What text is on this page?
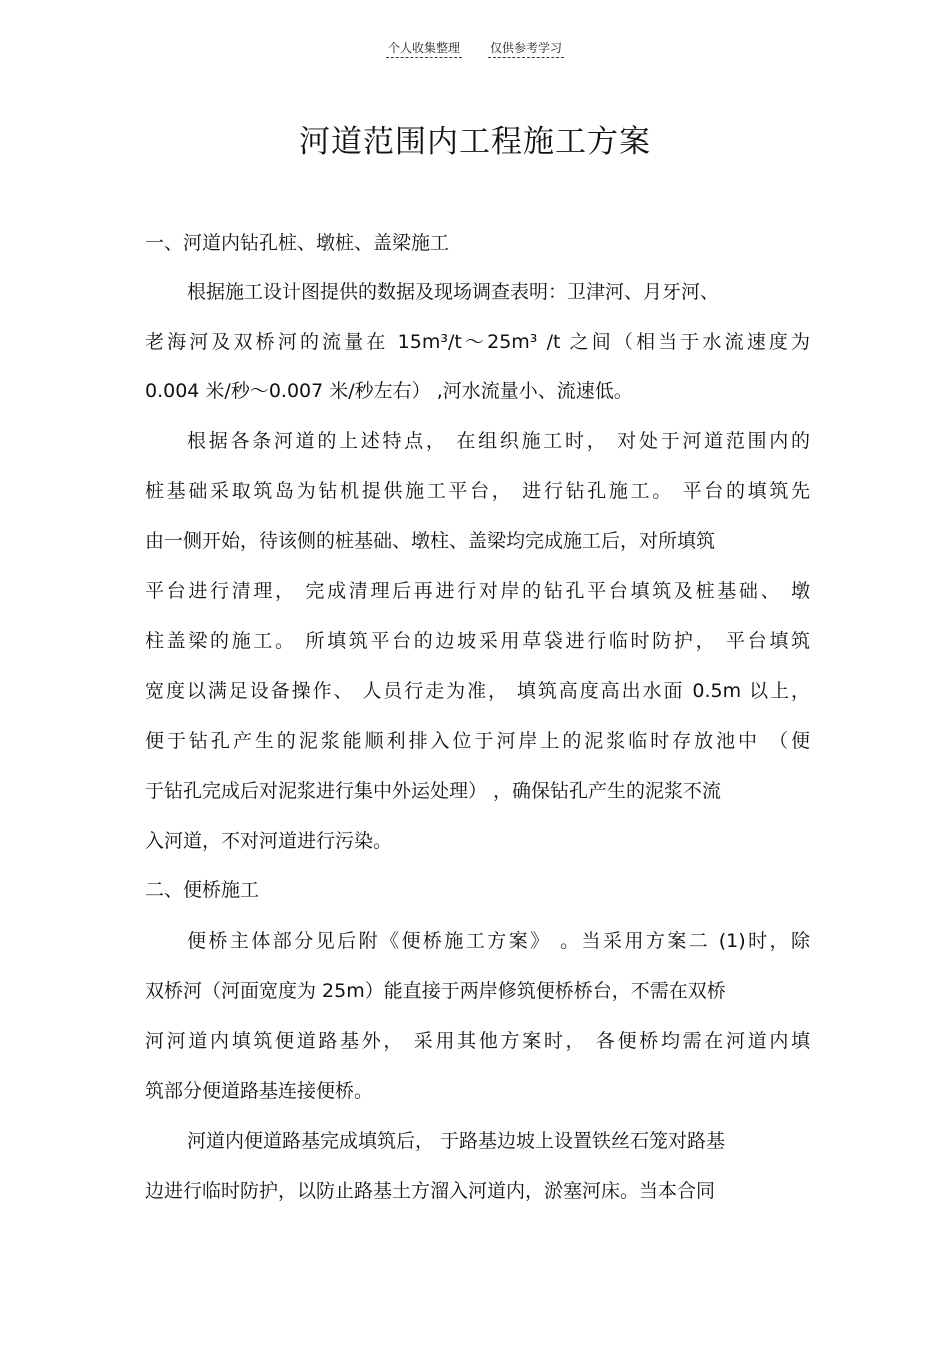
个人收集整理	仅供参考学习
河道范围内工程施工方案
一、河道内钻孔桩、墩桩、盖梁施工
根据施工设计图提供的数据及现场调查表明：卫津河、月牙河、
老海河及双桥河的流量在 15m³/t～25m³ /t 之间（相当于水流速度为
0.004 米/秒～0.007 米/秒左右） ,河水流量小、流速低。
根据各条河道的上述特点， 在组织施工时， 对处于河道范围内的
桩基础采取筑岛为钻机提供施工平台， 进行钻孔施工。 平台的填筑先
由一侧开始，待该侧的桩基础、墩柱、盖梁均完成施工后，对所填筑
平台进行清理， 完成清理后再进行对岸的钻孔平台填筑及桩基础、 墩
柱盖梁的施工。 所填筑平台的边坡采用草袋进行临时防护， 平台填筑
宽度以满足设备操作、 人员行走为准， 填筑高度高出水面 0.5m 以上，
便于钻孔产生的泥浆能顺利排入位于河岸上的泥浆临时存放池中 （便
于钻孔完成后对泥浆进行集中外运处理） ，确保钻孔产生的泥浆不流
入河道，不对河道进行污染。
二、便桥施工
便桥主体部分见后附《便桥施工方案》 。当采用方案二 (1)时，除
双桥河（河面宽度为 25m）能直接于两岸修筑便桥桥台，不需在双桥
河河道内填筑便道路基外， 采用其他方案时， 各便桥均需在河道内填
筑部分便道路基连接便桥。
河道内便道路基完成填筑后， 于路基边坡上设置铁丝石笼对路基
边进行临时防护，以防止路基土方溜入河道内，淤塞河床。当本合同
